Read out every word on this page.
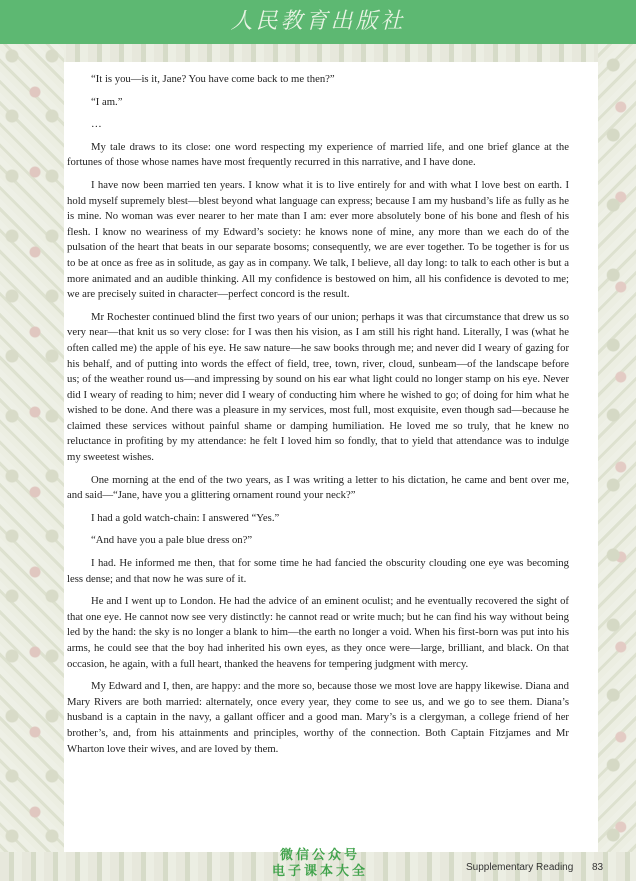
人民教育出版社

“It is you—is it, Jane? You have come back to me then?”

“I am.”

…

My tale draws to its close: one word respecting my experience of married life, and one brief glance at the fortunes of those whose names have most frequently recurred in this narrative, and I have done.

I have now been married ten years. I know what it is to live entirely for and with what I love best on earth. I hold myself supremely blest—blest beyond what language can express; because I am my husband’s life as fully as he is mine. No woman was ever nearer to her mate than I am: ever more absolutely bone of his bone and flesh of his flesh. I know no weariness of my Edward’s society: he knows none of mine, any more than we each do of the pulsation of the heart that beats in our separate bosoms; consequently, we are ever together. To be together is for us to be at once as free as in solitude, as gay as in company. We talk, I believe, all day long: to talk to each other is but a more animated and an audible thinking. All my confidence is bestowed on him, all his confidence is devoted to me; we are precisely suited in character—perfect concord is the result.

Mr Rochester continued blind the first two years of our union; perhaps it was that circumstance that drew us so very near—that knit us so very close: for I was then his vision, as I am still his right hand. Literally, I was (what he often called me) the apple of his eye. He saw nature—he saw books through me; and never did I weary of gazing for his behalf, and of putting into words the effect of field, tree, town, river, cloud, sunbeam—of the landscape before us; of the weather round us—and impressing by sound on his ear what light could no longer stamp on his eye. Never did I weary of reading to him; never did I weary of conducting him where he wished to go; of doing for him what he wished to be done. And there was a pleasure in my services, most full, most exquisite, even though sad—because he claimed these services without painful shame or damping humiliation. He loved me so truly, that he knew no reluctance in profiting by my attendance: he felt I loved him so fondly, that to yield that attendance was to indulge my sweetest wishes.

One morning at the end of the two years, as I was writing a letter to his dictation, he came and bent over me, and said—“Jane, have you a glittering ornament round your neck?”

I had a gold watch-chain: I answered “Yes.”

“And have you a pale blue dress on?”

I had. He informed me then, that for some time he had fancied the obscurity clouding one eye was becoming less dense; and that now he was sure of it.

He and I went up to London. He had the advice of an eminent oculist; and he eventually recovered the sight of that one eye. He cannot now see very distinctly: he cannot read or write much; but he can find his way without being led by the hand: the sky is no longer a blank to him—the earth no longer a void. When his first-born was put into his arms, he could see that the boy had inherited his own eyes, as they once were—large, brilliant, and black. On that occasion, he again, with a full heart, thanked the heavens for tempering judgment with mercy.

My Edward and I, then, are happy: and the more so, because those we most love are happy likewise. Diana and Mary Rivers are both married: alternately, once every year, they come to see us, and we go to see them. Diana’s husband is a captain in the navy, a gallant officer and a good man. Mary’s is a clergyman, a college friend of her brother’s, and, from his attainments and principles, worthy of the connection. Both Captain Fitzjames and Mr Wharton love their wives, and are loved by them.

微信公众号
电子课本大全	Supplementary Reading 83
